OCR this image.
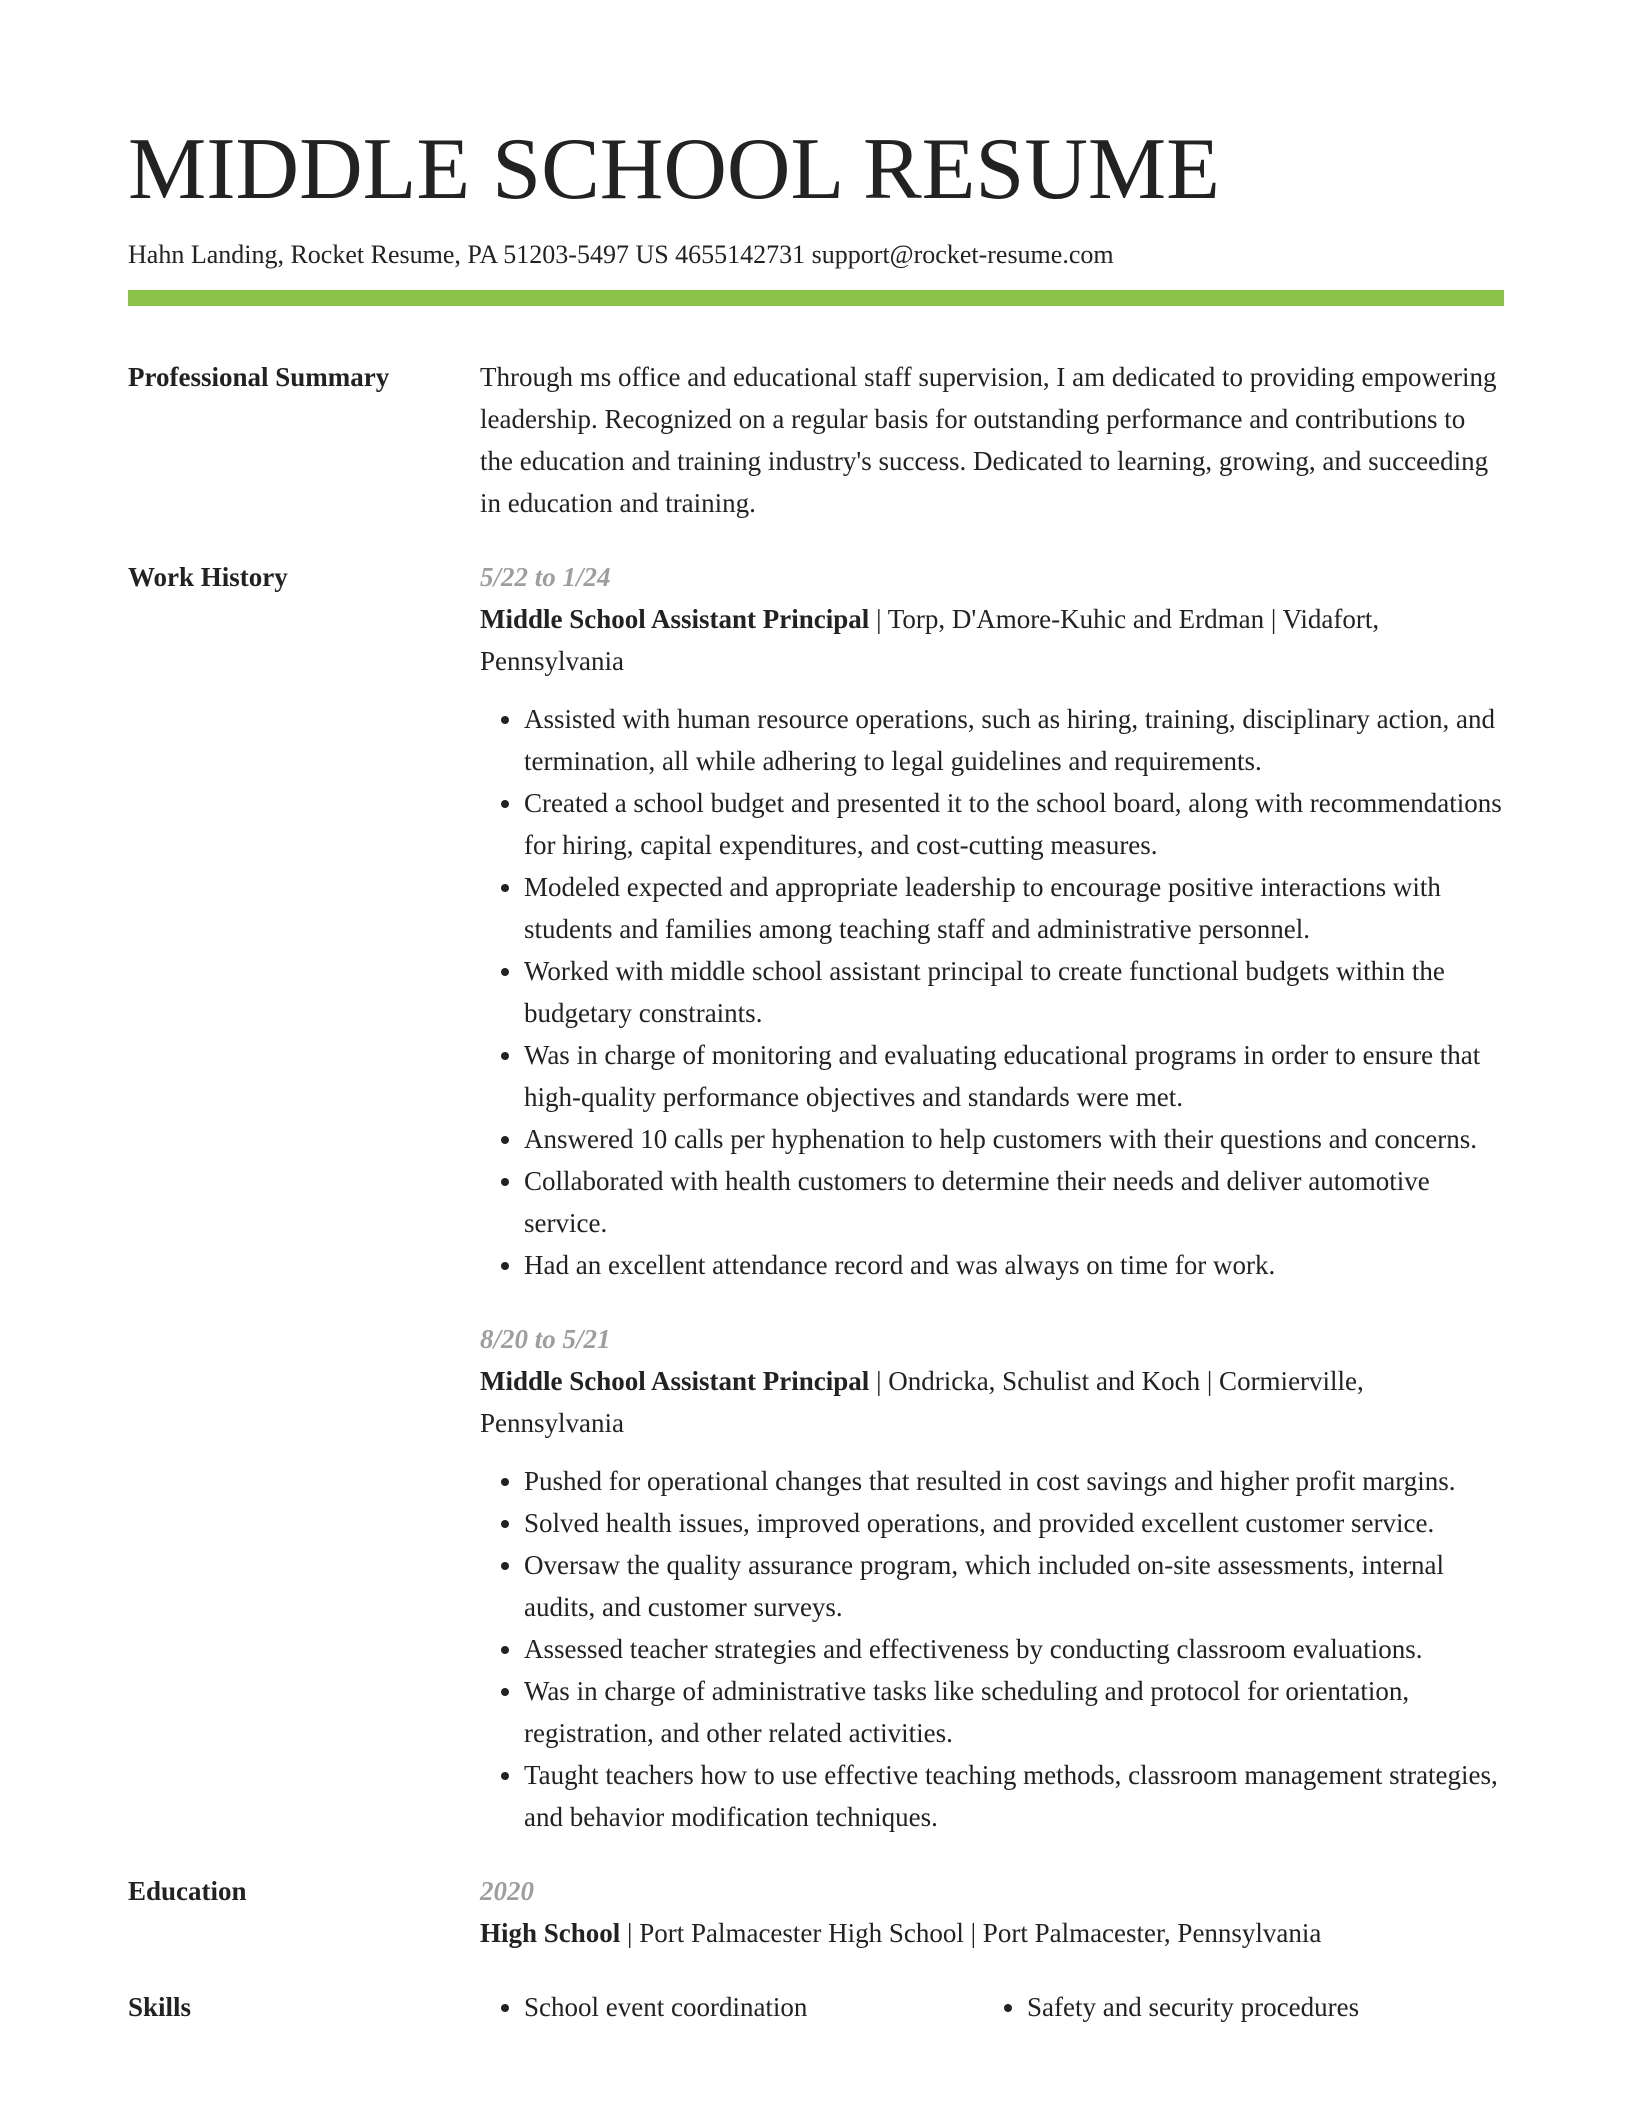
MIDDLE SCHOOL RESUME
Hahn Landing, Rocket Resume, PA 51203-5497 US 4655142731 support@rocket-resume.com
Professional Summary	Through ms office and educational staff supervision, I am dedicated to providing empowering leadership. Recognized on a regular basis for outstanding performance and contributions to the education and training industry's success. Dedicated to learning, growing, and succeeding in education and training.
Work History	5/22 to 1/24
Middle School Assistant Principal | Torp, D'Amore-Kuhic and Erdman | Vidafort, Pennsylvania
• Assisted with human resource operations, such as hiring, training, disciplinary action, and termination, all while adhering to legal guidelines and requirements.
• Created a school budget and presented it to the school board, along with recommendations for hiring, capital expenditures, and cost-cutting measures.
• Modeled expected and appropriate leadership to encourage positive interactions with students and families among teaching staff and administrative personnel.
• Worked with middle school assistant principal to create functional budgets within the budgetary constraints.
• Was in charge of monitoring and evaluating educational programs in order to ensure that high-quality performance objectives and standards were met.
• Answered 10 calls per hyphenation to help customers with their questions and concerns.
• Collaborated with health customers to determine their needs and deliver automotive service.
• Had an excellent attendance record and was always on time for work.
8/20 to 5/21
Middle School Assistant Principal | Ondricka, Schulist and Koch | Cormierville, Pennsylvania
• Pushed for operational changes that resulted in cost savings and higher profit margins.
• Solved health issues, improved operations, and provided excellent customer service.
• Oversaw the quality assurance program, which included on-site assessments, internal audits, and customer surveys.
• Assessed teacher strategies and effectiveness by conducting classroom evaluations.
• Was in charge of administrative tasks like scheduling and protocol for orientation, registration, and other related activities.
• Taught teachers how to use effective teaching methods, classroom management strategies, and behavior modification techniques.
Education	2020
High School | Port Palmacester High School | Port Palmacester, Pennsylvania
Skills	• School event coordination	• Safety and security procedures
